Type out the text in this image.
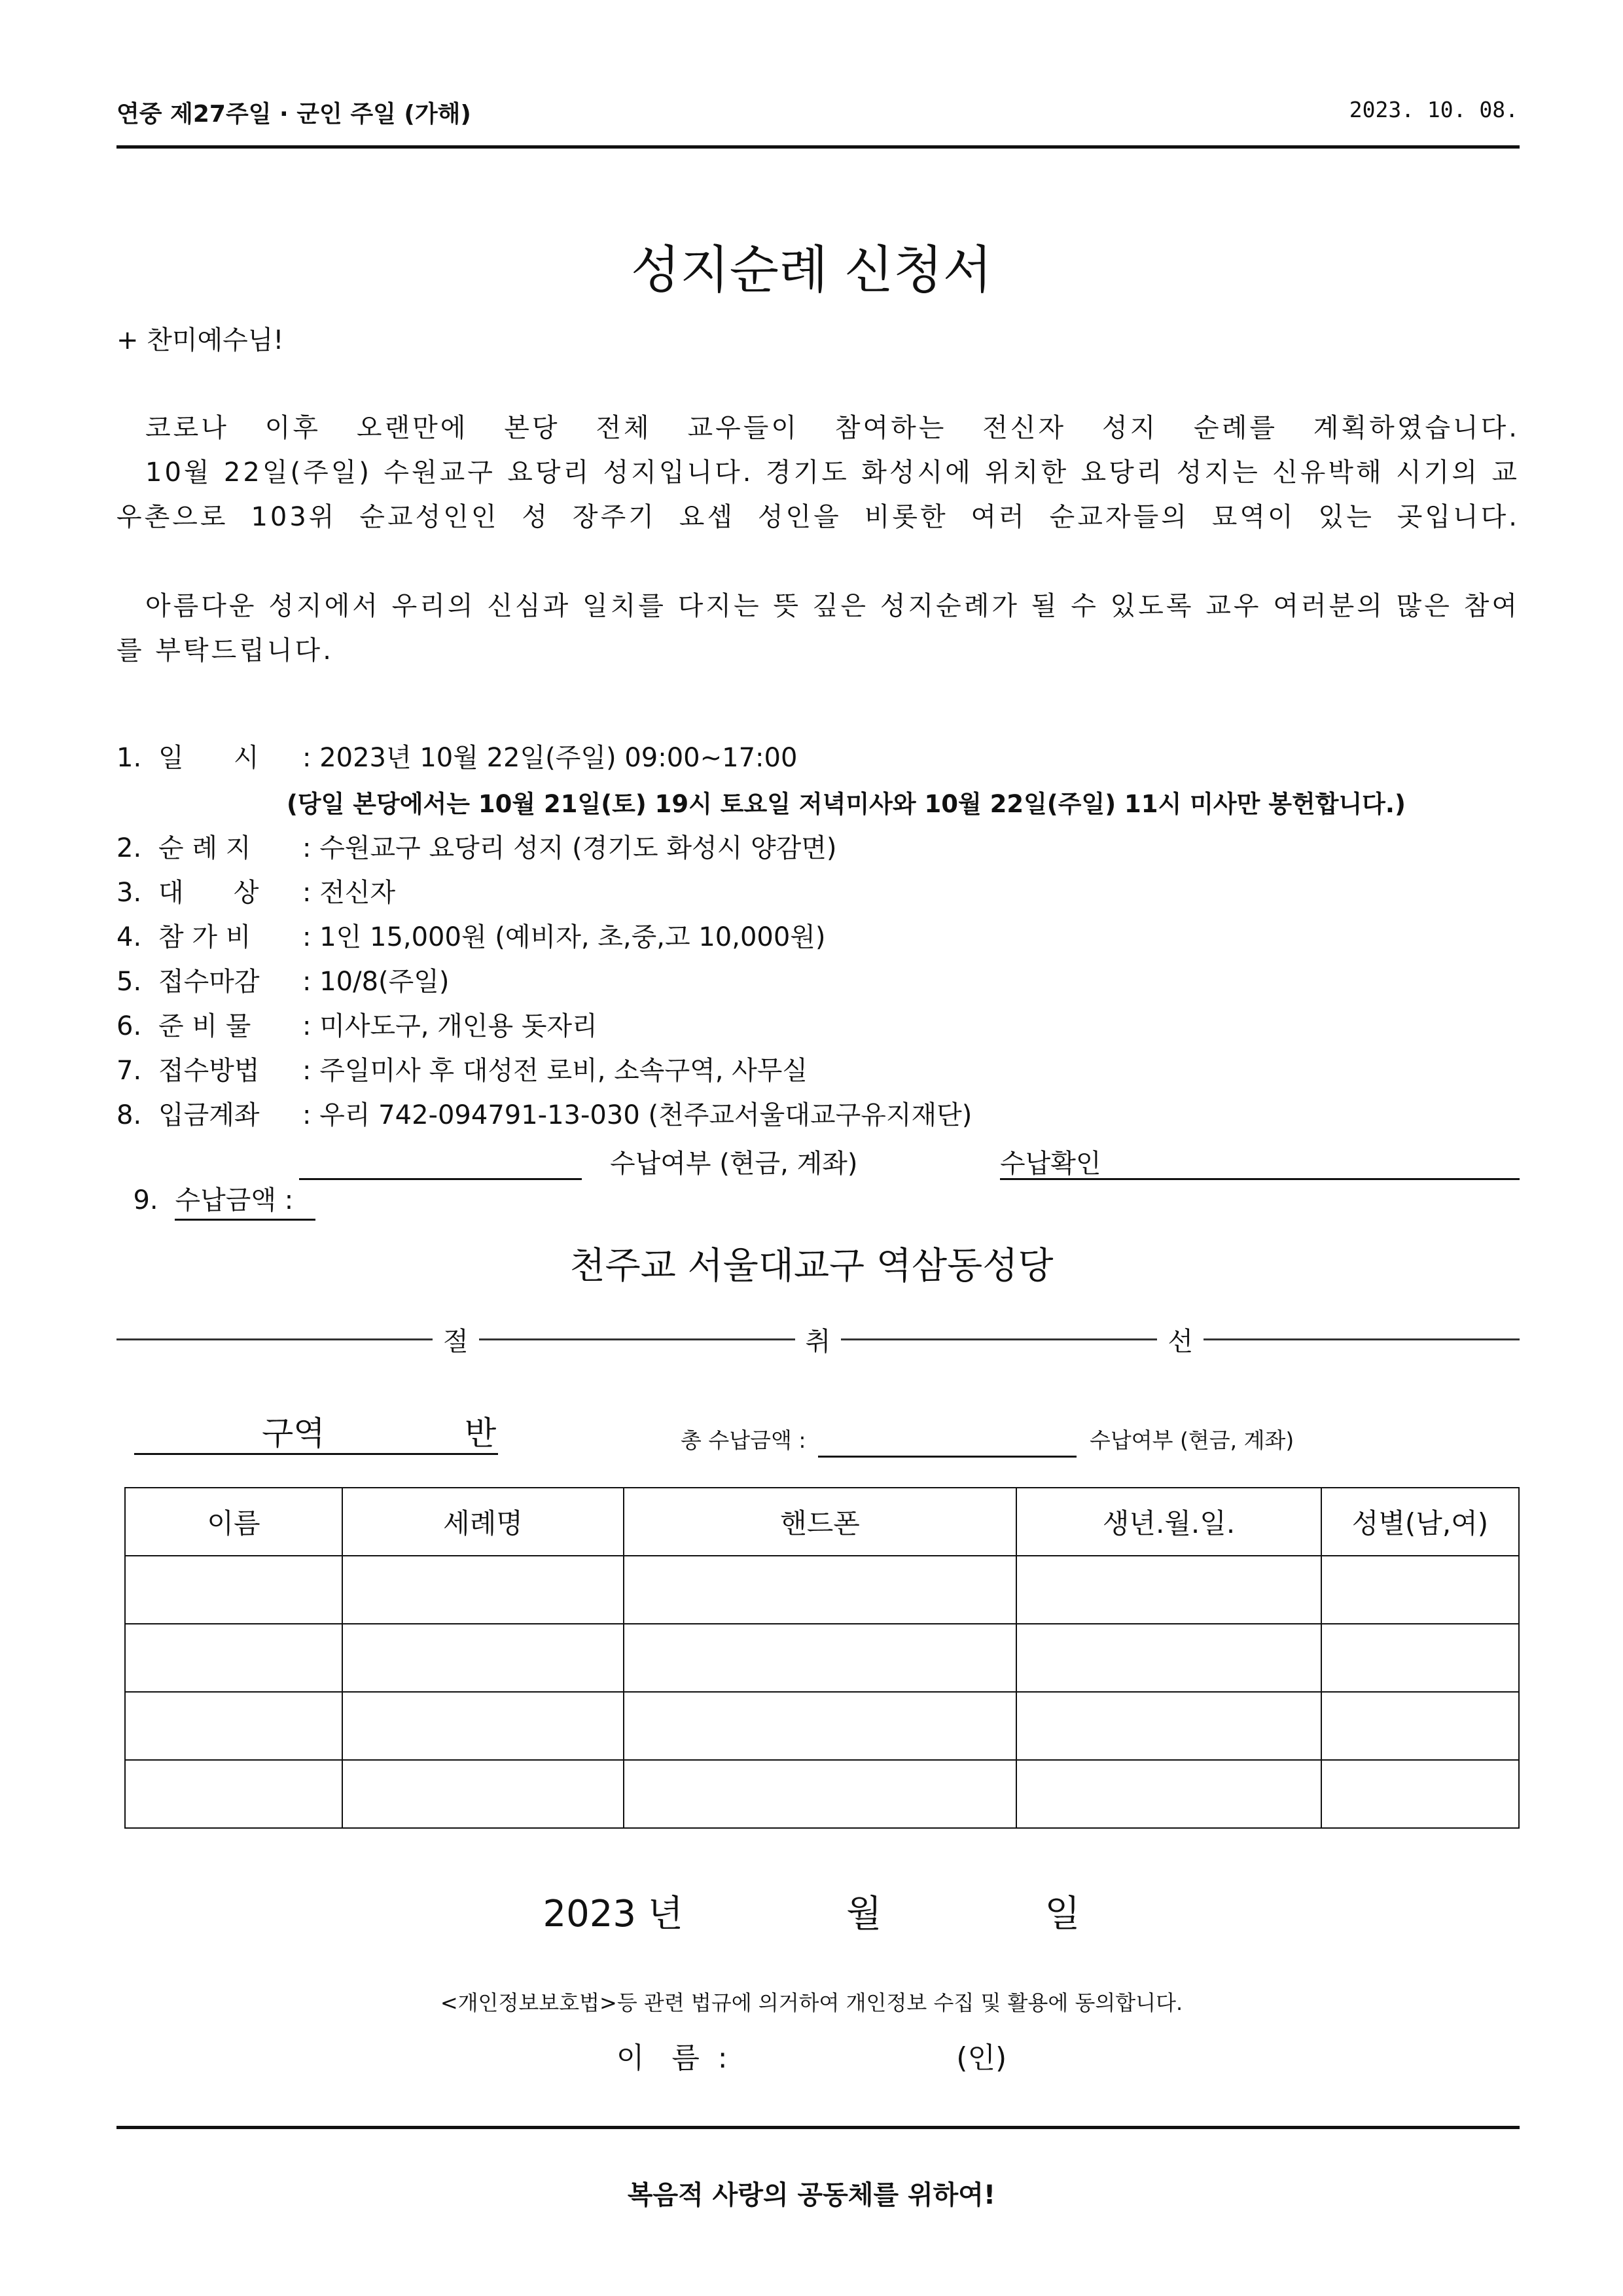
연중 제27주일 · 군인 주일 (가해)	2023. 10. 08.
성지순례 신청서
+ 찬미예수님!
코로나 이후 오랜만에 본당 전체 교우들이 참여하는 전신자 성지 순례를 계획하였습니다.
10월 22일(주일) 수원교구 요당리 성지입니다. 경기도 화성시에 위치한 요당리 성지는 신유박해 시기의 교우촌으로 103위 순교성인인 성 장주기 요셉 성인을 비롯한 여러 순교자들의 묘역이 있는 곳입니다.
아름다운 성지에서 우리의 신심과 일치를 다지는 뜻 깊은 성지순례가 될 수 있도록 교우 여러분의 많은 참여를 부탁드립니다.
1. 일      시 : 2023년 10월 22일(주일) 09:00~17:00
2. 순 례 지 : 수원교구 요당리 성지 (경기도 화성시 양감면)
3. 대      상 : 전신자
4. 참 가 비 : 1인 15,000원 (예비자, 초,중,고 10,000원)
5. 접수마감 : 10/8(주일)
6. 준 비 물 : 미사도구, 개인용 돗자리
7. 접수방법 : 주일미사 후 대성전 로비, 소속구역, 사무실
8. 입금계좌 : 우리 742-094791-13-030 (천주교서울대교구유지재단)
(당일 본당에서는 10월 21일(토) 19시 토요일 저녁미사와 10월 22일(주일) 11시 미사만 봉헌합니다.)

9. 수납금액 :

수납여부 (현금, 계좌)	수납확인
천주교 서울대교구 역삼동성당
절	취	선
구역	반	총 수납금액 :	수납여부 (현금, 계좌)
이름	세례명	핸드폰	생년.월.일.	성별(남,여)

2023 년	월	일
<개인정보보호법>등 관련 법규에 의거하여 개인정보 수집 및 활용에 동의합니다.
이   름  :	(인)
복음적 사랑의 공동체를 위하여!
